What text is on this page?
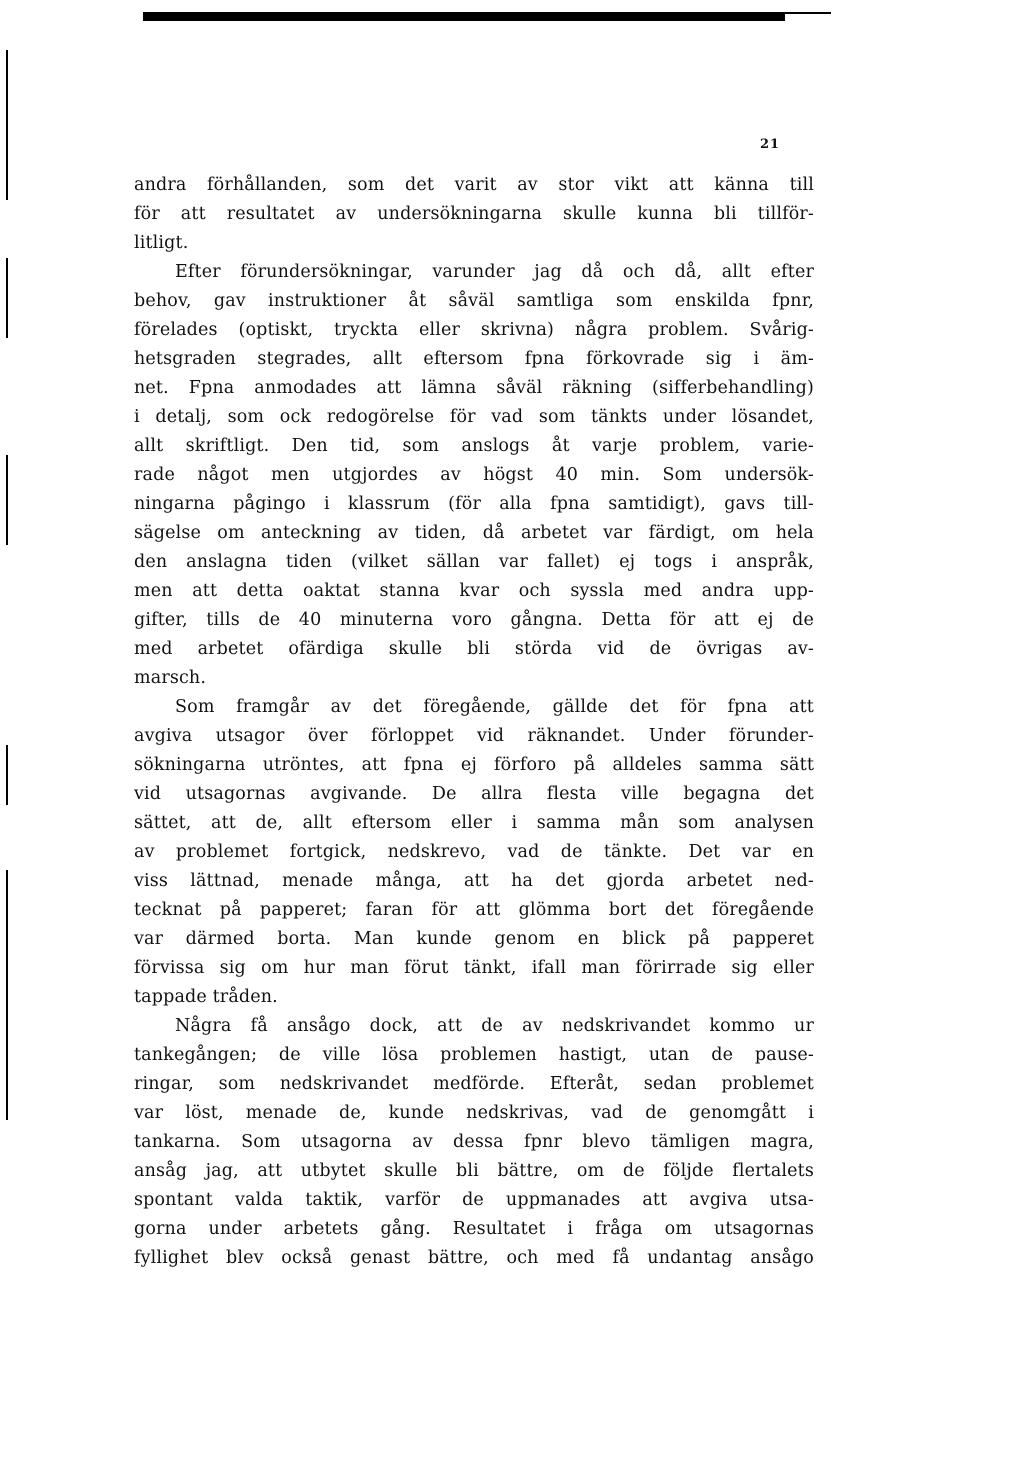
21
andra förhållanden, som det varit av stor vikt att känna till
för att resultatet av undersökningarna skulle kunna bli tillför-
litligt.
Efter förundersökningar, varunder jag då och då, allt efter
behov, gav instruktioner åt såväl samtliga som enskilda fpnr,
förelades (optiskt, tryckta eller skrivna) några problem. Svårig-
hetsgraden stegrades, allt eftersom fpna förkovrade sig i äm-
net. Fpna anmodades att lämna såväl räkning (sifferbehandling)
i detalj, som ock redogörelse för vad som tänkts under lösandet,
allt skriftligt. Den tid, som anslogs åt varje problem, varie-
rade något men utgjordes av högst 40 min. Som undersök-
ningarna pågingo i klassrum (för alla fpna samtidigt), gavs till-
sägelse om anteckning av tiden, då arbetet var färdigt, om hela
den anslagna tiden (vilket sällan var fallet) ej togs i anspråk,
men att detta oaktat stanna kvar och syssla med andra upp-
gifter, tills de 40 minuterna voro gångna. Detta för att ej de
med arbetet ofärdiga skulle bli störda vid de övrigas av-
marsch.
Som framgår av det föregående, gällde det för fpna att
avgiva utsagor över förloppet vid räknandet. Under förunder-
sökningarna utröntes, att fpna ej förforo på alldeles samma sätt
vid utsagornas avgivande. De allra flesta ville begagna det
sättet, att de, allt eftersom eller i samma mån som analysen
av problemet fortgick, nedskrevo, vad de tänkte. Det var en
viss lättnad, menade många, att ha det gjorda arbetet ned-
tecknat på papperet; faran för att glömma bort det föregående
var därmed borta. Man kunde genom en blick på papperet
förvissa sig om hur man förut tänkt, ifall man förirrade sig eller
tappade tråden.
Några få ansågo dock, att de av nedskrivandet kommo ur
tankegången; de ville lösa problemen hastigt, utan de pause-
ringar, som nedskrivandet medförde. Efteråt, sedan problemet
var löst, menade de, kunde nedskrivas, vad de genomgått i
tankarna. Som utsagorna av dessa fpnr blevo tämligen magra,
ansåg jag, att utbytet skulle bli bättre, om de följde flertalets
spontant valda taktik, varför de uppmanades att avgiva utsa-
gorna under arbetets gång. Resultatet i fråga om utsagornas
fyllighet blev också genast bättre, och med få undantag ansågo
